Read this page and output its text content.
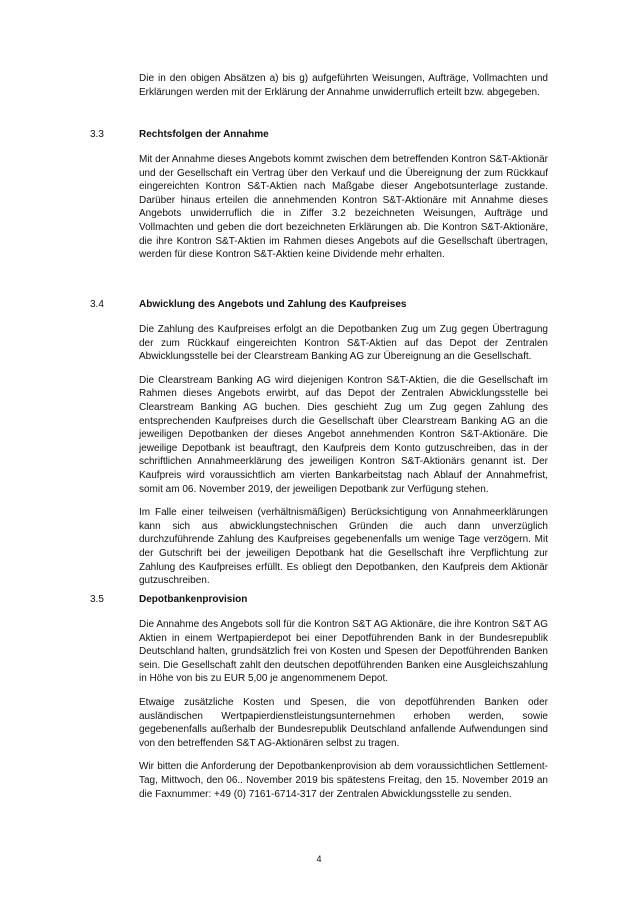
Die in den obigen Absätzen a) bis g) aufgeführten Weisungen, Aufträge, Vollmachten und Erklärungen werden mit der Erklärung der Annahme unwiderruflich erteilt bzw. abgegeben.

3.3	Rechtsfolgen der Annahme

Mit der Annahme dieses Angebots kommt zwischen dem betreffenden Kontron S&T-Aktionär und der Gesellschaft ein Vertrag über den Verkauf und die Übereignung der zum Rückkauf eingereichten Kontron S&T-Aktien nach Maßgabe dieser Angebotsunterlage zustande. Darüber hinaus erteilen die annehmenden Kontron S&T-Aktionäre mit Annahme dieses Angebots unwiderruflich die in Ziffer 3.2 bezeichneten Weisungen, Aufträge und Vollmachten und geben die dort bezeichneten Erklärungen ab. Die Kontron S&T-Aktionäre, die ihre Kontron S&T-Aktien im Rahmen dieses Angebots auf die Gesellschaft übertragen, werden für diese Kontron S&T-Aktien keine Dividende mehr erhalten.

3.4	Abwicklung des Angebots und Zahlung des Kaufpreises

Die Zahlung des Kaufpreises erfolgt an die Depotbanken Zug um Zug gegen Übertragung der zum Rückkauf eingereichten Kontron S&T-Aktien auf das Depot der Zentralen Abwicklungsstelle bei der Clearstream Banking AG zur Übereignung an die Gesellschaft.

Die Clearstream Banking AG wird diejenigen Kontron S&T-Aktien, die die Gesellschaft im Rahmen dieses Angebots erwirbt, auf das Depot der Zentralen Abwicklungsstelle bei Clearstream Banking AG buchen. Dies geschieht Zug um Zug gegen Zahlung des entsprechenden Kaufpreises durch die Gesellschaft über Clearstream Banking AG an die jeweiligen Depotbanken der dieses Angebot annehmenden Kontron S&T-Aktionäre. Die jeweilige Depotbank ist beauftragt, den Kaufpreis dem Konto gutzuschreiben, das in der schriftlichen Annahmeerklärung des jeweiligen Kontron S&T-Aktionärs genannt ist. Der Kaufpreis wird voraussichtlich am vierten Bankarbeitstag nach Ablauf der Annahmefrist, somit am 06. November 2019, der jeweiligen Depotbank zur Verfügung stehen.

Im Falle einer teilweisen (verhältnismäßigen) Berücksichtigung von Annahmeerklärungen kann sich aus abwicklungstechnischen Gründen die auch dann unverzüglich durchzuführende Zahlung des Kaufpreises gegebenenfalls um wenige Tage verzögern. Mit der Gutschrift bei der jeweiligen Depotbank hat die Gesellschaft ihre Verpflichtung zur Zahlung des Kaufpreises erfüllt. Es obliegt den Depotbanken, den Kaufpreis dem Aktionär gutzuschreiben.

3.5	Depotbankenprovision

Die Annahme des Angebots soll für die Kontron S&T AG Aktionäre, die ihre Kontron S&T AG Aktien in einem Wertpapierdepot bei einer Depotführenden Bank in der Bundesrepublik Deutschland halten, grundsätzlich frei von Kosten und Spesen der Depotführenden Banken sein. Die Gesellschaft zahlt den deutschen depotführenden Banken eine Ausgleichszahlung in Höhe von bis zu EUR 5,00 je angenommenem Depot.

Etwaige zusätzliche Kosten und Spesen, die von depotführenden Banken oder ausländischen Wertpapierdienstleistungsunternehmen erhoben werden, sowie gegebenenfalls außerhalb der Bundesrepublik Deutschland anfallende Aufwendungen sind von den betreffenden S&T AG-Aktionären selbst zu tragen.

Wir bitten die Anforderung der Depotbankenprovision ab dem voraussichtlichen Settlement-Tag, Mittwoch, den 06.. November 2019 bis spätestens Freitag, den 15. November 2019 an die Faxnummer: +49 (0) 7161-6714-317 der Zentralen Abwicklungsstelle zu senden.

4
